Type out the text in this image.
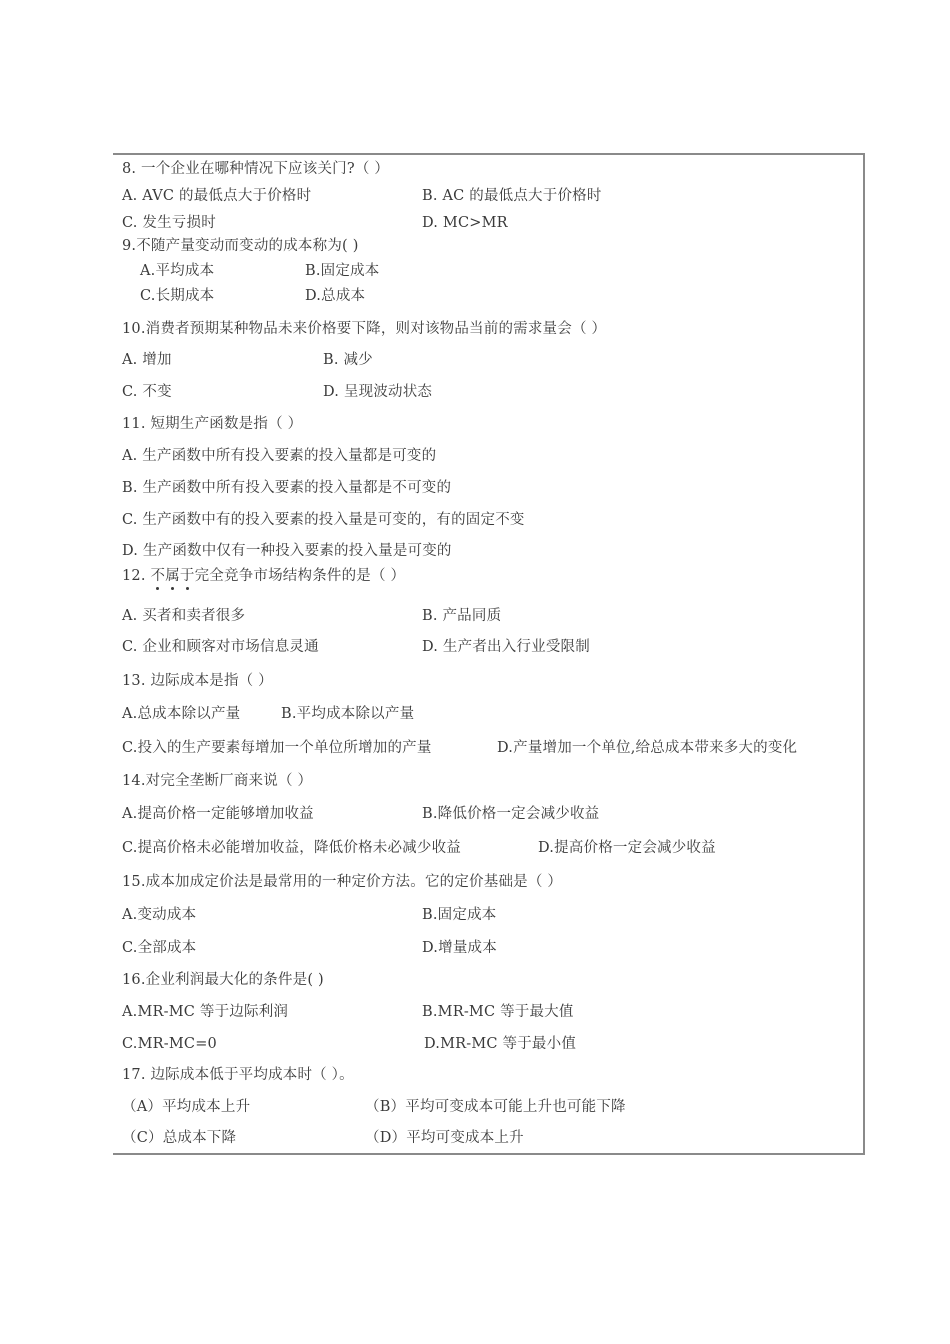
8. 一个企业在哪种情况下应该关门?（ ）
A. AVC 的最低点大于价格时	B. AC 的最低点大于价格时
C. 发生亏损时	D. MC>MR
9.不随产量变动而变动的成本称为( )
A.平均成本	B.固定成本
C.长期成本	D.总成本
10.消费者预期某种物品未来价格要下降，则对该物品当前的需求量会（ ）
A. 增加	B. 减少
C. 不变	D. 呈现波动状态
11. 短期生产函数是指（ ）
A. 生产函数中所有投入要素的投入量都是可变的
B. 生产函数中所有投入要素的投入量都是不可变的
C. 生产函数中有的投入要素的投入量是可变的，有的固定不变
D. 生产函数中仅有一种投入要素的投入量是可变的
12. 不属于完全竞争市场结构条件的是（ ）
A. 买者和卖者很多	B. 产品同质
C. 企业和顾客对市场信息灵通	D. 生产者出入行业受限制
13. 边际成本是指（ ）
A.总成本除以产量	B.平均成本除以产量
C.投入的生产要素每增加一个单位所增加的产量	D.产量增加一个单位,给总成本带来多大的变化
14.对完全垄断厂商来说（ ）
A.提高价格一定能够增加收益	B.降低价格一定会减少收益
C.提高价格未必能增加收益，降低价格未必减少收益	D.提高价格一定会减少收益
15.成本加成定价法是最常用的一种定价方法。它的定价基础是（ ）
A.变动成本	B.固定成本
C.全部成本	D.增量成本
16.企业利润最大化的条件是( )
A.MR-MC 等于边际利润	B.MR-MC 等于最大值
C.MR-MC=0	D.MR-MC 等于最小值
17. 边际成本低于平均成本时（ ）。
（A）平均成本上升	（B）平均可变成本可能上升也可能下降
（C）总成本下降	（D）平均可变成本上升
